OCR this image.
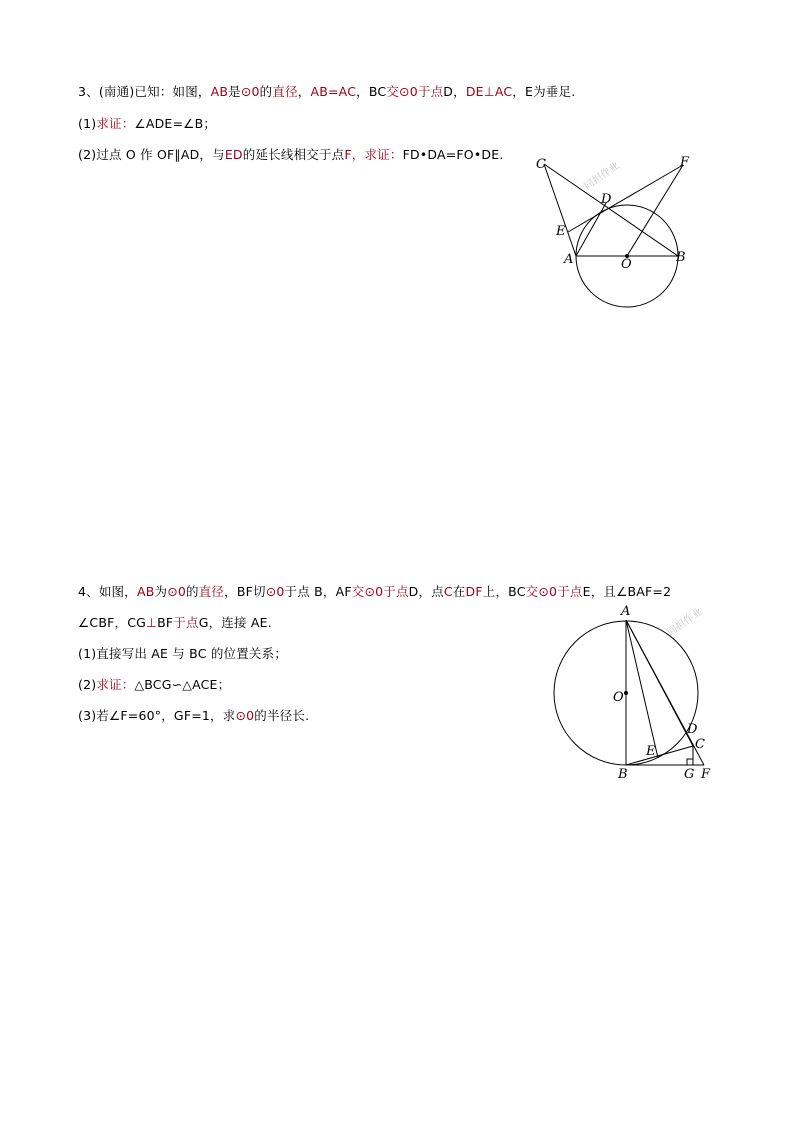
3、(南通)已知：如图，AB是⊙0的直径，AB=AC，BC交⊙0于点D，DE⊥AC，E为垂足.
(1)求证：∠ADE=∠B；
(2)过点 O 作 OF∥AD，与ED的延长线相交于点F，求证：FD•DA=FO•DE.
同担作业
C
D
E
A	O	B
F
4、如图，AB为⊙0的直径，BF切⊙0于点 B，AF交⊙0于点D，点C在DF上，BC交⊙0于点E，且∠BAF=2
∠CBF，CG⊥BF于点G，连接 AE.
(1)直接写出 AE 与 BC 的位置关系；
(2)求证：△BCG∽△ACE；
(3)若∠F=60°，GF=1，求⊙0的半径长.
同担作业
A
O
D
C
E
B	G F
